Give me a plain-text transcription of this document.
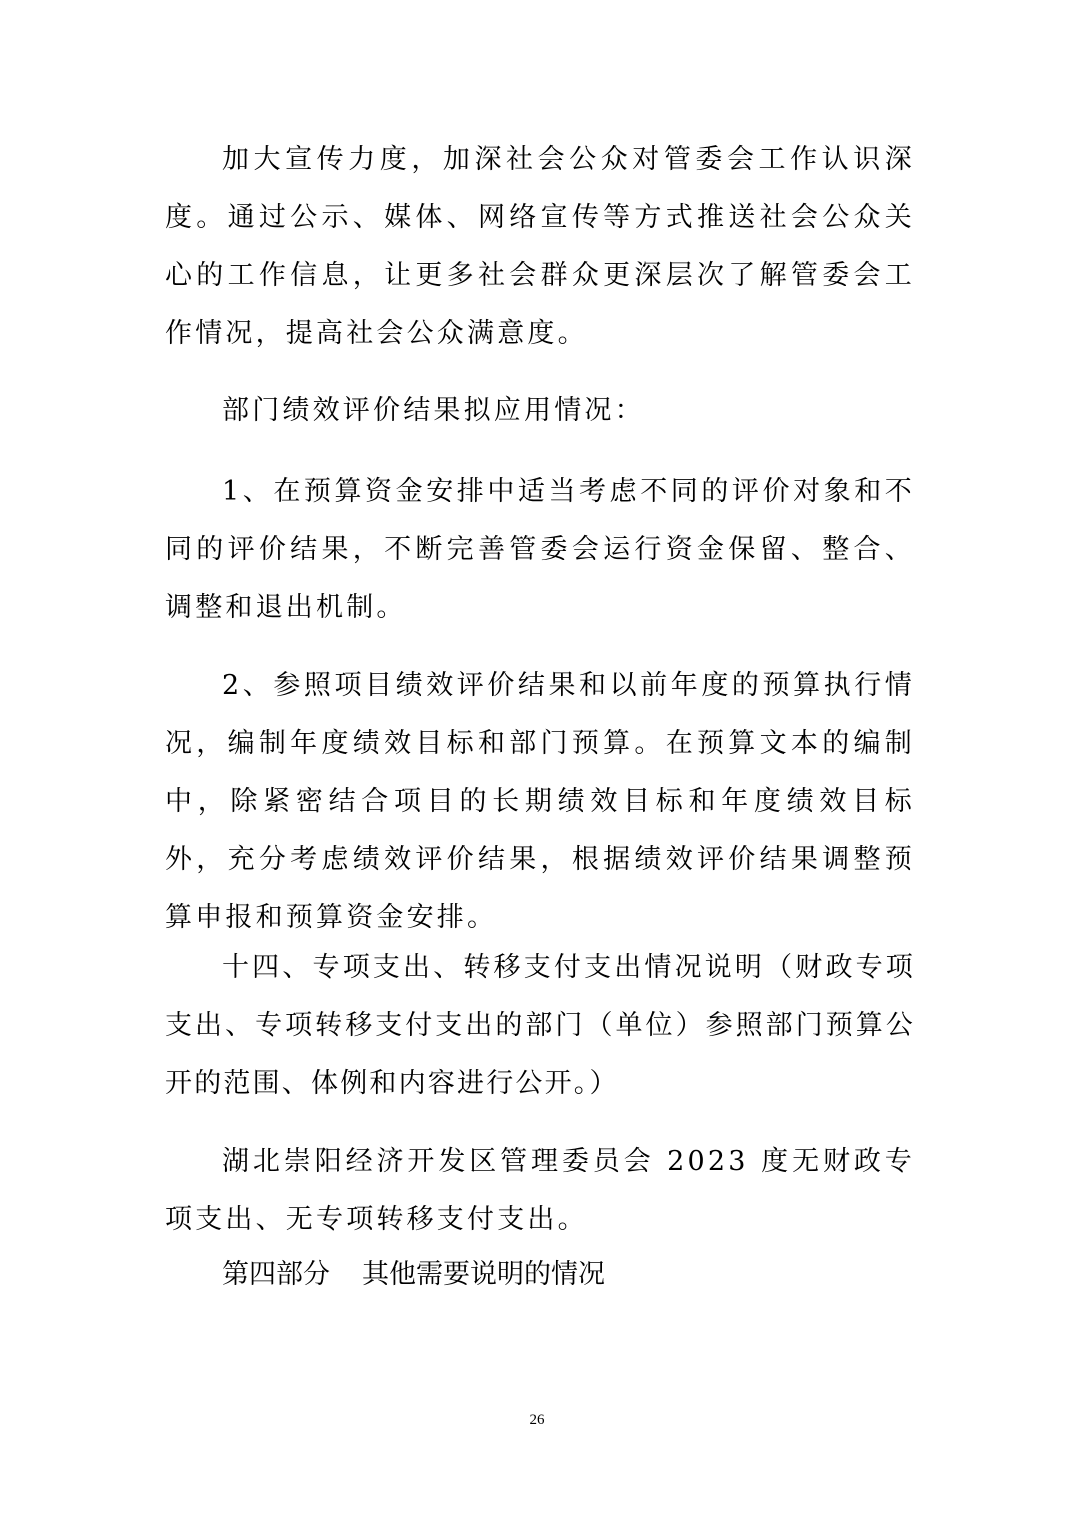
加大宣传力度，加深社会公众对管委会工作认识深度。通过公示、媒体、网络宣传等方式推送社会公众关心的工作信息，让更多社会群众更深层次了解管委会工作情况，提高社会公众满意度。

部门绩效评价结果拟应用情况：

1、在预算资金安排中适当考虑不同的评价对象和不同的评价结果，不断完善管委会运行资金保留、整合、调整和退出机制。

2、参照项目绩效评价结果和以前年度的预算执行情况，编制年度绩效目标和部门预算。在预算文本的编制中，除紧密结合项目的长期绩效目标和年度绩效目标外，充分考虑绩效评价结果，根据绩效评价结果调整预算申报和预算资金安排。

十四、专项支出、转移支付支出情况说明（财政专项支出、专项转移支付支出的部门（单位）参照部门预算公开的范围、体例和内容进行公开。）

湖北崇阳经济开发区管理委员会 2023 度无财政专项支出、无专项转移支付支出。

第四部分 其他需要说明的情况

26
